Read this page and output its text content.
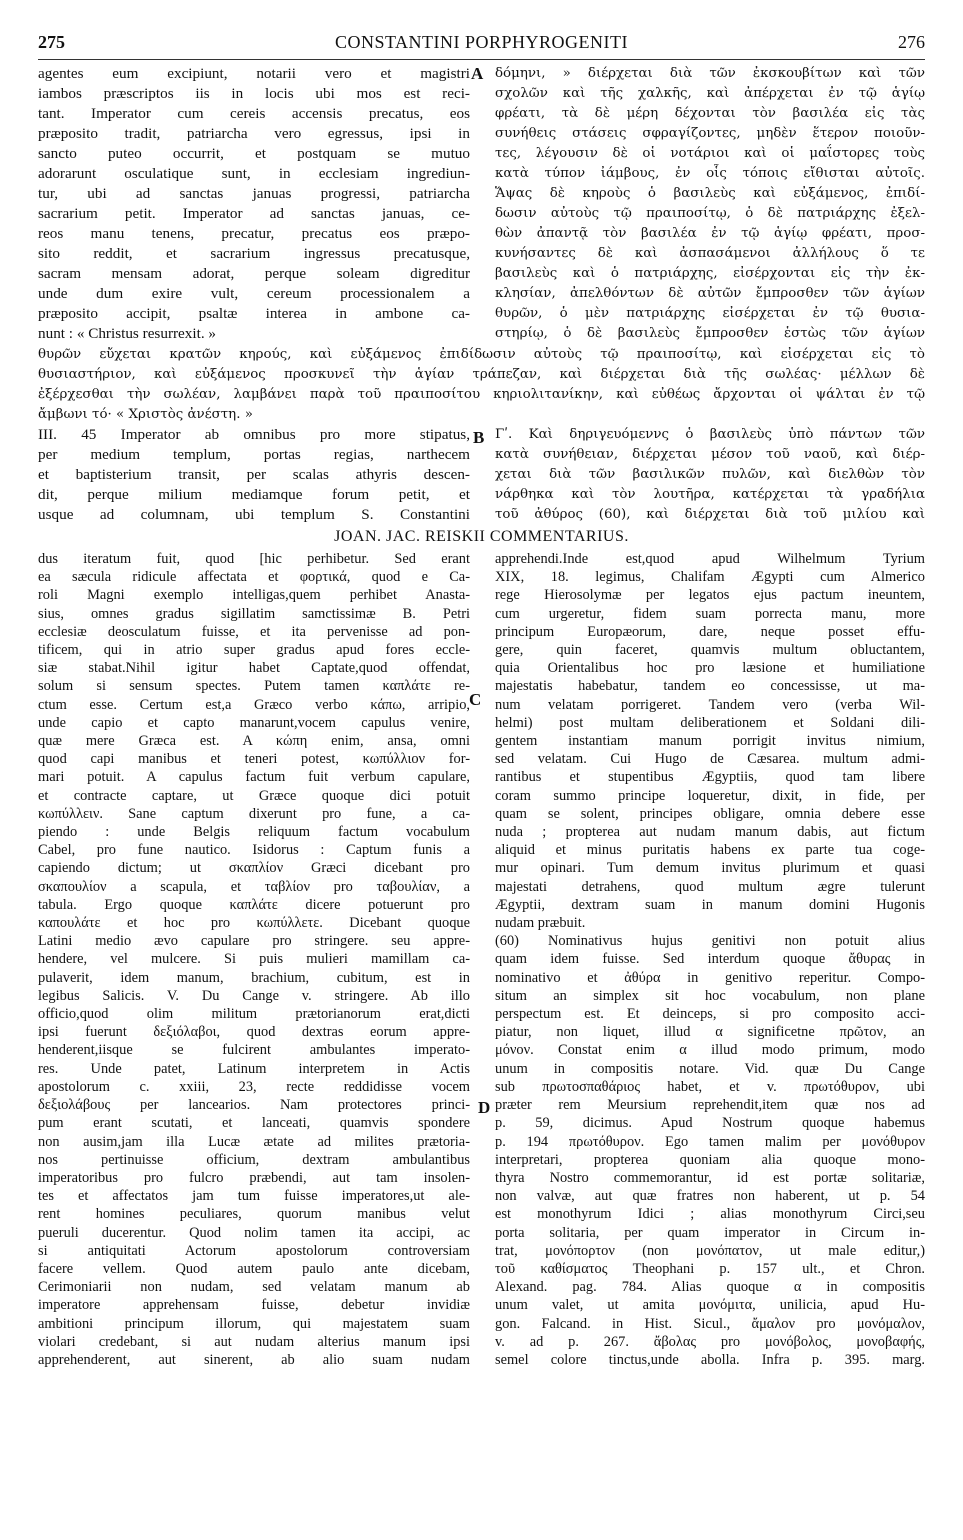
275	CONSTANTINI PORPHYROGENITI	276
agentes eum excipiunt, notarii vero et magistri
iambos præscriptos iis in locis ubi mos est reci-
tant. Imperator cum cereis accensis precatus, eos
præposito tradit, patriarcha vero egressus, ipsi in
sancto puteo occurrit, et postquam se mutuo
adorarunt osculatique sunt, in ecclesiam ingrediun-
tur, ubi ad sanctas januas progressi, patriarcha
sacrarium petit. Imperator ad sanctas januas, ce-
reos manu tenens, precatur, precatus eos præpo-
sito reddit, et sacrarium ingressus precatusque,
sacram mensam adorat, perque soleam digreditur
unde dum exire vult, cereum processionalem a
præposito accipit, psaltæ interea in ambone ca-
nunt : « Christus resurrexit. »
A δόμηνι, » διέρχεται διὰ τῶν ἐκσκουβίτων καὶ τῶν
σχολῶν καὶ τῆς χαλκῆς, καὶ ἀπέρχεται ἐν τῷ ἁγίῳ
φρέατι, τὰ δὲ μέρη δέχονται τὸν βασιλέα εἰς τὰς
συνήθεις στάσεις σφραγίζοντες, μηδὲν ἕτερον ποιοῦν-
τες, λέγουσιν δὲ οἱ νοτάριοι καὶ οἱ μαΐστορες τοὺς
κατὰ τύπον ἰάμβους, ἐν οἷς τόποις εἴθισται αὐτοῖς.
Ἅψας δὲ κηροὺς ὁ βασιλεὺς καὶ εὐξάμενος, ἐπιδί-
δωσιν αὐτοὺς τῷ πραιποσίτῳ, ὁ δὲ πατριάρχης ἐξελ-
θὼν ἀπαντᾷ τὸν βασιλέα ἐν τῷ ἁγίῳ φρέατι, προσ-
κυνήσαντες δὲ καὶ ἀσπασάμενοι ἀλλήλους ὅ τε
βασιλεὺς καὶ ὁ πατριάρχης, εἰσέρχονται εἰς τὴν ἐκ-
κλησίαν, ἀπελθόντων δὲ αὐτῶν ἔμπροσθεν τῶν ἁγίων
θυρῶν, ὁ μὲν πατριάρχης εἰσέρχεται ἐν τῷ θυσια-
στηρίῳ, ὁ δὲ βασιλεὺς ἔμπροσθεν ἑστὼς τῶν ἁγίων
θυρῶν εὔχεται κρατῶν κηρούς, καὶ εὐξάμενος ἐπιδίδωσιν αὐτοὺς τῷ πραιποσίτῳ, καὶ εἰσέρχεται εἰς τὸ
θυσιαστήριον, καὶ εὐξάμενος προσκυνεῖ τὴν ἁγίαν τράπεζαν, καὶ διέρχεται διὰ τῆς σωλέας· μέλλων δὲ
ἐξέρχεσθαι τὴν σωλέαν, λαμβάνει παρὰ τοῦ πραιποσίτου κηριολιτανίκην, καὶ εὐθέως ἄρχονται οἱ ψάλται ἐν τῷ
ἄμβωνι τό· « Χριστὸς ἀνέστη. »
III. 45 Imperator ab omnibus pro more stipatus,
per medium templum, portas regias, narthecem
et baptisterium transit, per scalas athyris descen-
dit, perque milium mediamque forum petit, et
usque ad columnam, ubi templum S. Constantini
B Γʹ. Καὶ δηριγευόμεννς ὁ βασιλεὺς ὑπὸ πάντων τῶν
κατὰ συνήθειαν, διέρχεται μέσον τοῦ ναοῦ, καὶ διέρ-
χεται διὰ τῶν βασιλικῶν πυλῶν, καὶ διελθὼν τὸν
νάρθηκα καὶ τὸν λουτῆρα, κατέρχεται τὰ γραδήλια
τοῦ ἀθύρος (60), καὶ διέρχεται διὰ τοῦ μιλίου καὶ
JOAN. JAC. REISKII COMMENTARIUS.
dus iteratum fuit, quod [hic perhibetur. Sed erant
ea sæcula ridicule affectata et φορτικά, quod e Ca-
roli Magni exemplo intelligas,quem perhibet Anasta-
sius, omnes gradus sigillatim samctissimæ B. Petri
ecclesiæ deosculatum fuisse, et ita pervenisse ad pon-
tificem, qui in atrio super gradus apud fores eccle-
siæ stabat.Nihil igitur habet Captate,quod offendat,
solum si sensum spectes. Putem tamen καπλάτε re-
ctum esse. Certum est,a Græco verbo κάπω, arripio,
unde capio et capto manarunt,vocem capulus venire,
quæ mere Græca est. A κώπη enim, ansa, omni
quod capi manibus et teneri potest, κωπύλλιον for-
mari potuit. A capulus factum fuit verbum capulare,
et contracte captare, ut Græce quoque dici potuit
κωπύλλειν. Sane captum dixerunt pro fune, a ca-
piendo : unde Belgis reliquum factum vocabulum
Cabel, pro fune nautico. Isidorus : Captum funis a
capiendo dictum; ut σκαπλίον Græci dicebant pro
σκαπουλίον a scapula, et ταβλίον pro ταβουλίαν, a
tabula. Ergo quoque καπλάτε dicere potuerunt pro
καπουλάτε et hoc pro κωπύλλετε. Dicebant quoque
Latini medio ævo capulare pro stringere. seu appre-
hendere, vel mulcere. Si puis mulieri mamillam ca-
pulaverit, idem manum, brachium, cubitum, est in
legibus Salicis. V. Du Cange v. stringere. Ab illo
officio,quod olim militum prætorianorum erat,dicti
ipsi fuerunt δεξιόλαβοι, quod dextras eorum appre-
henderent,iisque se fulcirent ambulantes imperato-
res. Unde patet, Latinum interpretem in Actis
apostolorum c. xxiii, 23, recte reddidisse vocem
δεξιολάβους per lancearios. Nam protectores princi-
pum erant scutati, et lanceati, quamvis spondere
non ausim,jam illa Lucæ ætate ad milites prætoria-
nos pertinuisse officium, dextram ambulantibus
imperatoribus pro fulcro præbendi, aut tam insolen-
tes et affectatos jam tum fuisse imperatores,ut ale-
rent homines peculiares, quorum manibus velut
pueruli ducerentur. Quod nolim tamen ita accipi, ac
si antiquitati Actorum apostolorum controversiam
facere vellem. Quod autem paulo ante dicebam,
Cerimoniarii non nudam, sed velatam manum ab
imperatore apprehensam fuisse, debetur invidiæ
ambitioni principum illorum, qui majestatem suam
violari credebant, si aut nudam alterius manum ipsi
apprehenderent, aut sinerent, ab alio suam nudam
C
D
apprehendi.Inde est,quod apud Wilhelmum Tyrium
XIX, 18. legimus, Chalifam Ægypti cum Almerico
rege Hierosolymæ per legatos ejus pactum ineuntem,
cum urgeretur, fidem suam porrecta manu, more
principum Europæorum, dare, neque posset effu-
gere, quin faceret, quamvis multum obluctantem,
quia Orientalibus hoc pro læsione et humiliatione
majestatis habebatur, tandem eo concessisse, ut ma-
num velatam porrigeret. Tandem vero (verba Wil-
helmi) post multam deliberationem et Soldani dili-
gentem instantiam manum porrigit invitus nimium,
sed velatam. Cui Hugo de Cæsarea. multum admi-
rantibus et stupentibus Ægyptiis, quod tam libere
coram summo principe loqueretur, dixit, in fide, per
quam se solent, principes obligare, omnia debere esse
nuda ; propterea aut nudam manum dabis, aut fictum
aliquid et minus puritatis habens ex parte tua coge-
mur opinari. Tum demum invitus plurimum et quasi
majestati detrahens, quod multum ægre tulerunt
Ægyptii, dextram suam in manum domini Hugonis
nudam præbuit.
(60) Nominativus hujus genitivi non potuit alius
quam idem fuisse. Sed interdum quoque ἄθυρας in
nominativo et ἀθύρα in genitivo reperitur. Compo-
situm an simplex sit hoc vocabulum, non plane
perspectum est. Et deinceps, si pro composito acci-
piatur, non liquet, illud α significetne πρῶτον, an
μόνον. Constat enim α illud modo primum, modo
unum in compositis notare. Vid. quæ Du Cange
sub πρωτοσπαθάριος habet, et v. πρωτόθυρον, ubi
præter rem Meursium reprehendit,item quæ nos ad
p. 59, dicimus. Apud Nostrum quoque habemus
p. 194 πρωτόθυρον. Ego tamen malim per μονόθυρον
interpretari, propterea quoniam alia quoque mono-
thyra Nostro commemorantur, id est portæ solitariæ,
non valvæ, aut quæ fratres non haberent, ut p. 54
est monothyrum Idici ; alias monothyrum Circi,seu
porta solitaria, per quam imperator in Circum in-
trat, μονόπορτον (non μονόπατον, ut male editur,)
τοῦ καθίσματος Theophani p. 157 ult., et Chron.
Alexand. pag. 784. Alias quoque α in compositis
unum valet, ut amita μονόμιτα, unilicia, apud Hu-
gon. Falcand. in Hist. Sicul., ἄμαλον pro μονόμαλον,
v. ad p. 267. ἄβολας pro μονόβολος, μονοβαφής,
semel colore tinctus,unde abolla. Infra p. 395. marg.
